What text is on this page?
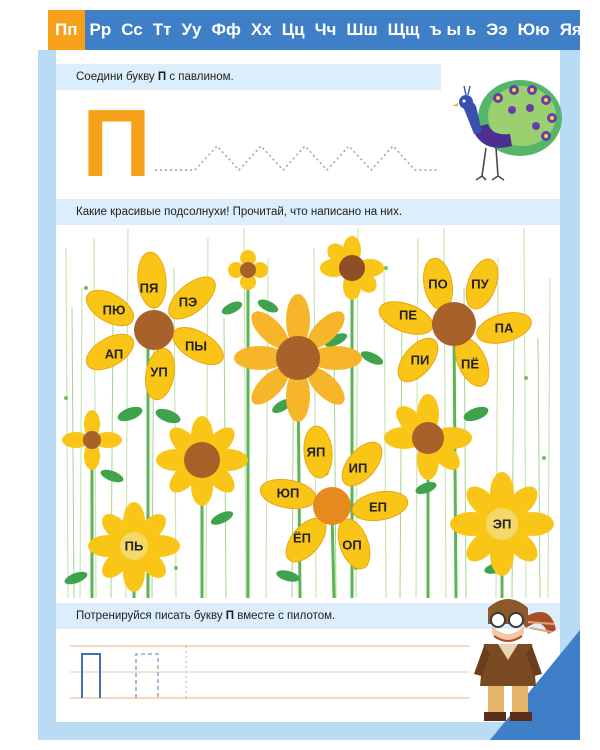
Пп Рр Сс Тт Уу Фф Хх Цц Чч Шш Щщ ъ ы ь Ээ Юю Яя
Соедини букву П с павлином.
П
Какие красивые подсолнухи! Прочитай, что написано на них.
ПЯ
ПЭ
ПЮ
АП
ПЫ
УП
ПО ПУ
ПЕ
ПА
ПИ ПЁ
ЯП
ИП
ЮП
ЕП
ЁП ОП
ПЬ
ЭП
Потренируйся писать букву П вместе с пилотом.
